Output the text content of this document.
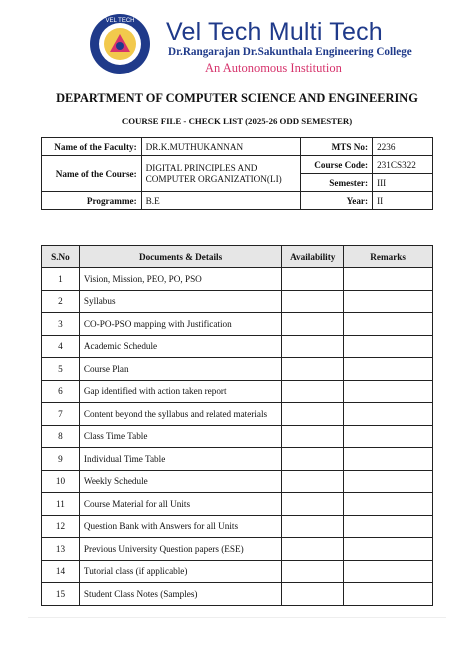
VEL TECH Vel Tech Multi Tech
Dr.Rangarajan Dr.Sakunthala Engineering College
An Autonomous Institution
DEPARTMENT OF COMPUTER SCIENCE AND ENGINEERING
COURSE FILE - CHECK LIST (2025-26 ODD SEMESTER)
Name of the Faculty:	DR.K.MUTHUKANNAN	MTS No:	2236
Name of the Course:	DIGITAL PRINCIPLES AND COMPUTER ORGANIZATION(LI)	Course Code:	231CS322
		Semester:	III
Programme:	B.E	Year:	II
S.No	Documents & Details	Availability	Remarks
1	Vision, Mission, PEO, PO, PSO		
2	Syllabus		
3	CO-PO-PSO mapping with Justification		
4	Academic Schedule		
5	Course Plan		
6	Gap identified with action taken report		
7	Content beyond the syllabus and related materials		
8	Class Time Table		
9	Individual Time Table		
10	Weekly Schedule		
11	Course Material for all Units		
12	Question Bank with Answers for all Units		
13	Previous University Question papers (ESE)		
14	Tutorial class (if applicable)		
15	Student Class Notes (Samples)		
